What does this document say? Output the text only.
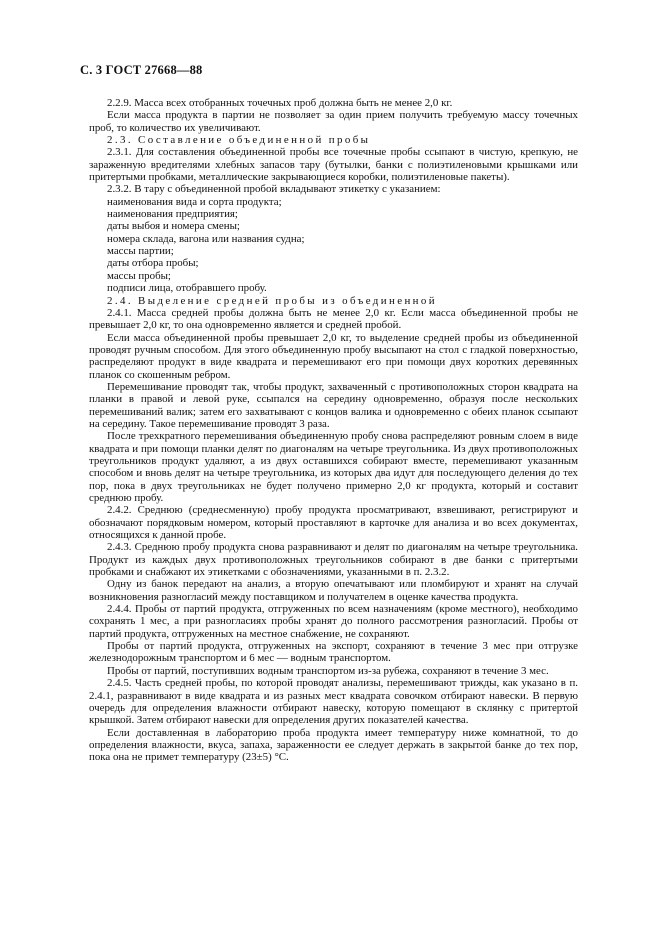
С. 3 ГОСТ 27668—88

2.2.9. Масса всех отобранных точечных проб должна быть не менее 2,0 кг.

Если масса продукта в партии не позволяет за один прием получить требуемую массу точечных проб, то количество их увеличивают.

2.3. Составление объединенной пробы

2.3.1. Для составления объединенной пробы все точечные пробы ссыпают в чистую, крепкую, не зараженную вредителями хлебных запасов тару (бутылки, банки с полиэтиленовыми крышками или притертыми пробками, металлические закрывающиеся коробки, полиэтиленовые пакеты).

2.3.2. В тару с объединенной пробой вкладывают этикетку с указанием:

наименования вида и сорта продукта;
наименования предприятия;
даты выбоя и номера смены;
номера склада, вагона или названия судна;
массы партии;
даты отбора пробы;
массы пробы;
подписи лица, отобравшего пробу.

2.4. Выделение средней пробы из объединенной

2.4.1. Масса средней пробы должна быть не менее 2,0 кг. Если масса объединенной пробы не превышает 2,0 кг, то она одновременно является и средней пробой.

Если масса объединенной пробы превышает 2,0 кг, то выделение средней пробы из объединенной проводят ручным способом. Для этого объединенную пробу высыпают на стол с гладкой поверхностью, распределяют продукт в виде квадрата и перемешивают его при помощи двух коротких деревянных планок со скошенным ребром.

Перемешивание проводят так, чтобы продукт, захваченный с противоположных сторон квадрата на планки в правой и левой руке, ссыпался на середину одновременно, образуя после нескольких перемешиваний валик; затем его захватывают с концов валика и одновременно с обеих планок ссыпают на середину. Такое перемешивание проводят 3 раза.

После трехкратного перемешивания объединенную пробу снова распределяют ровным слоем в виде квадрата и при помощи планки делят по диагоналям на четыре треугольника. Из двух противоположных треугольников продукт удаляют, а из двух оставшихся собирают вместе, перемешивают указанным способом и вновь делят на четыре треугольника, из которых два идут для последующего деления до тех пор, пока в двух треугольниках не будет получено примерно 2,0 кг продукта, который и составит среднюю пробу.

2.4.2. Среднюю (среднесменную) пробу продукта просматривают, взвешивают, регистрируют и обозначают порядковым номером, который проставляют в карточке для анализа и во всех документах, относящихся к данной пробе.

2.4.3. Среднюю пробу продукта снова разравнивают и делят по диагоналям на четыре треугольника. Продукт из каждых двух противоположных треугольников собирают в две банки с притертыми пробками и снабжают их этикетками с обозначениями, указанными в п. 2.3.2.

Одну из банок передают на анализ, а вторую опечатывают или пломбируют и хранят на случай возникновения разногласий между поставщиком и получателем в оценке качества продукта.

2.4.4. Пробы от партий продукта, отгруженных по всем назначениям (кроме местного), необходимо сохранять 1 мес, а при разногласиях пробы хранят до полного рассмотрения разногласий. Пробы от партий продукта, отгруженных на местное снабжение, не сохраняют.

Пробы от партий продукта, отгруженных на экспорт, сохраняют в течение 3 мес при отгрузке железнодорожным транспортом и 6 мес — водным транспортом.

Пробы от партий, поступивших водным транспортом из-за рубежа, сохраняют в течение 3 мес.

2.4.5. Часть средней пробы, по которой проводят анализы, перемешивают трижды, как указано в п. 2.4.1, разравнивают в виде квадрата и из разных мест квадрата совочком отбирают навески. В первую очередь для определения влажности отбирают навеску, которую помещают в склянку с притертой крышкой. Затем отбирают навески для определения других показателей качества.

Если доставленная в лабораторию проба продукта имеет температуру ниже комнатной, то до определения влажности, вкуса, запаха, зараженности ее следует держать в закрытой банке до тех пор, пока она не примет температуру (23±5) °С.
